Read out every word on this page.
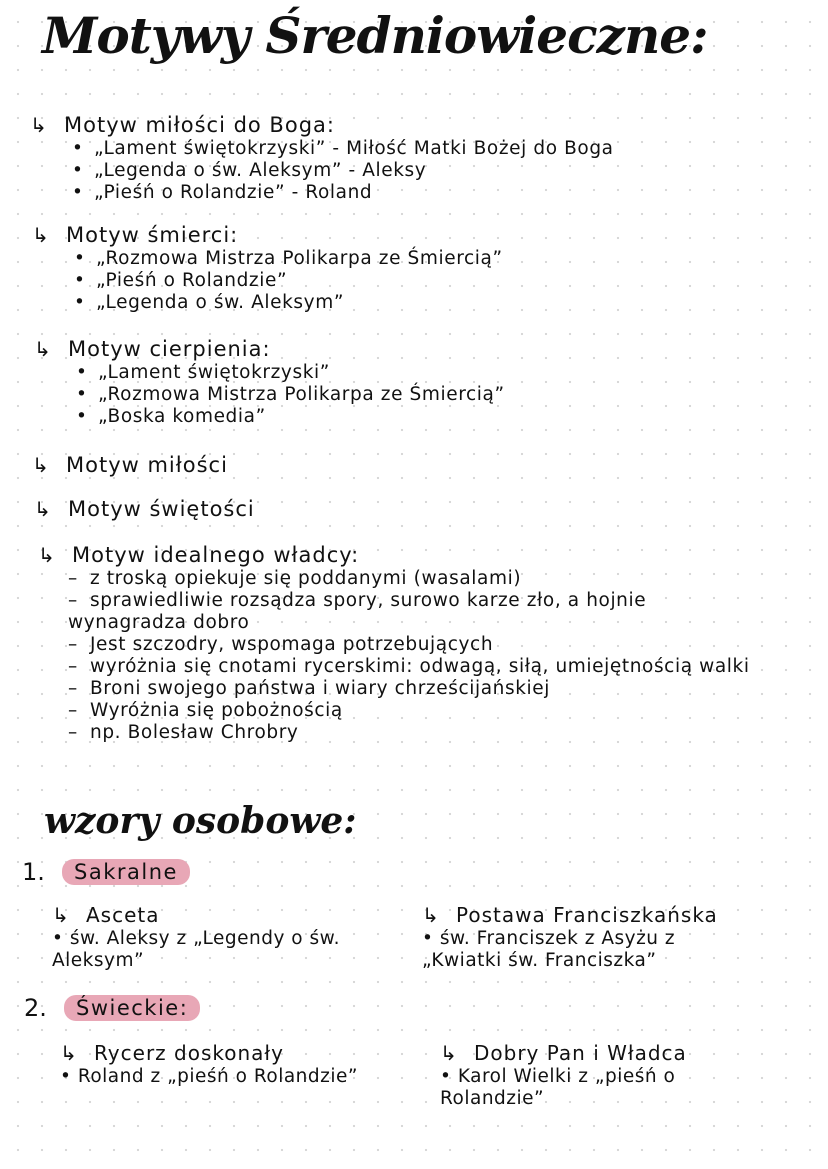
Motywy Średniowieczne:
↳ Motyw miłości do Boga:
• „Lament świętokrzyski” - Miłość Matki Bożej do Boga
• „Legenda o św. Aleksym” - Aleksy
• „Pieśń o Rolandzie” - Roland
↳ Motyw śmierci:
• „Rozmowa Mistrza Polikarpa ze Śmiercią”
• „Pieśń o Rolandzie”
• „Legenda o św. Aleksym”
↳ Motyw cierpienia:
• „Lament świętokrzyski”
• „Rozmowa Mistrza Polikarpa ze Śmiercią”
• „Boska komedia”
↳ Motyw miłości
↳ Motyw świętości
↳ Motyw idealnego władcy:
– z troską opiekuje się poddanymi (wasalami)
– sprawiedliwie rozsądza spory, surowo karze zło, a hojnie wynagradza dobro
– Jest szczodry, wspomaga potrzebujących
– wyróżnia się cnotami rycerskimi: odwagą, siłą, umiejętnością walki
– Broni swojego państwa i wiary chrześcijańskiej
– Wyróżnia się pobożnością
– np. Bolesław Chrobry
wzory osobowe:
1.	Sakralne
↳ Asceta
• św. Aleksy z „Legendy o św. Aleksym”
↳ Postawa Franciszkańska
• św. Franciszek z Asyżu z „Kwiatki św. Franciszka”
2.	Świeckie:
↳ Rycerz doskonały
• Roland z „pieśń o Rolandzie”
↳ Dobry Pan i Władca
• Karol Wielki z „pieśń o Rolandzie”
